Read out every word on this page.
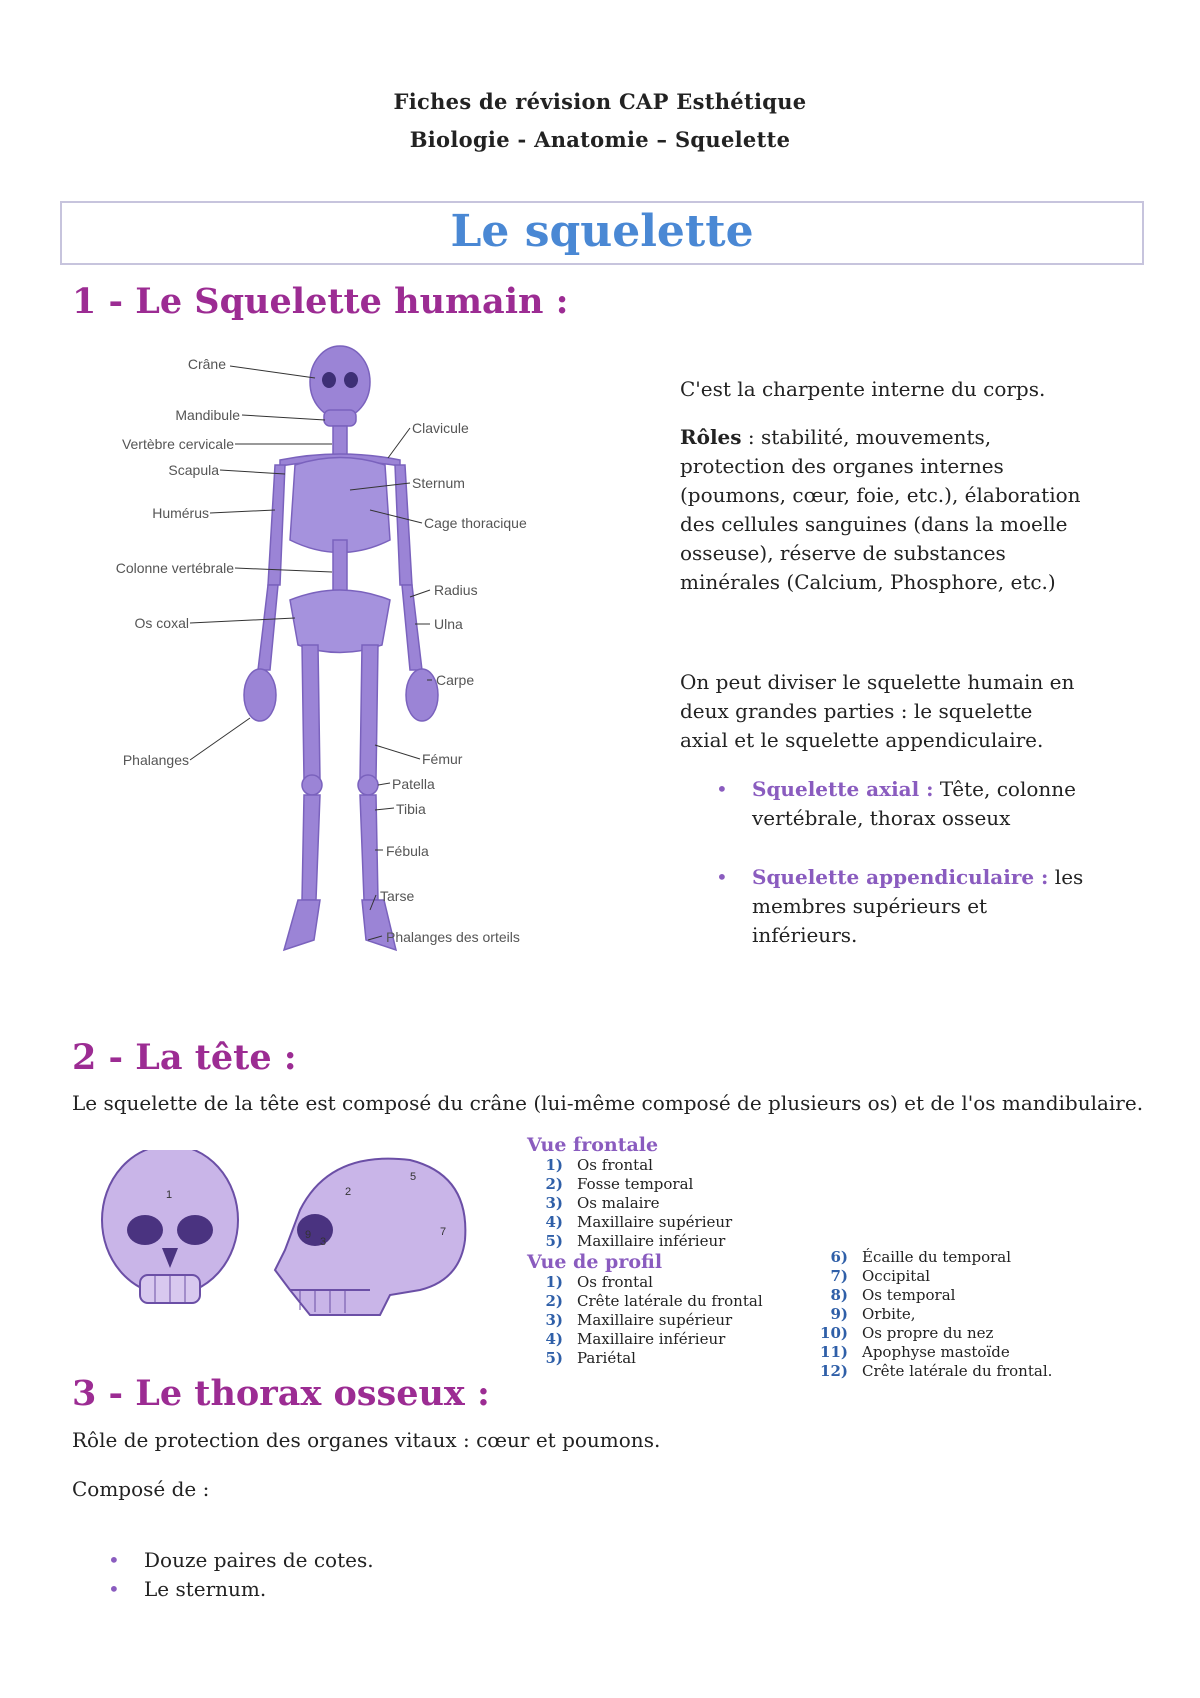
Fiches de révision CAP Esthétique
Biologie - Anatomie – Squelette
Le squelette
1 - Le Squelette humain :
Crâne
Mandibule
Vertèbre cervicale
Scapula
Humérus
Colonne vertébrale
Os coxal
Phalanges
Clavicule
Sternum
Cage thoracique
Radius
Ulna
Carpe
Fémur
Patella
Tibia
Fébula
Tarse
Phalanges des orteils
C'est la charpente interne du corps.
Rôles : stabilité, mouvements, protection des organes internes (poumons, cœur, foie, etc.), élaboration des cellules sanguines (dans la moelle osseuse), réserve de substances minérales (Calcium, Phosphore, etc.)
On peut diviser le squelette humain en deux grandes parties : le squelette axial et le squelette appendiculaire.
• Squelette axial : Tête, colonne vertébrale, thorax osseux
• Squelette appendiculaire : les membres supérieurs et inférieurs.
2 - La tête :
Le squelette de la tête est composé du crâne (lui-même composé de plusieurs os) et de l'os mandibulaire.
1	2
3
5
7
9
Vue frontale
1) Os frontal
2) Fosse temporal
3) Os malaire
4) Maxillaire supérieur
5) Maxillaire inférieur
Vue de profil
1) Os frontal
2) Crête latérale du frontal
3) Maxillaire supérieur
4) Maxillaire inférieur
5) Pariétal
6) Écaille du temporal
7) Occipital
8) Os temporal
9) Orbite,
10) Os propre du nez
11) Apophyse mastoïde
12) Crête latérale du frontal.
3 - Le thorax osseux :
Rôle de protection des organes vitaux : cœur et poumons.
Composé de :
• Douze paires de cotes.
• Le sternum.
